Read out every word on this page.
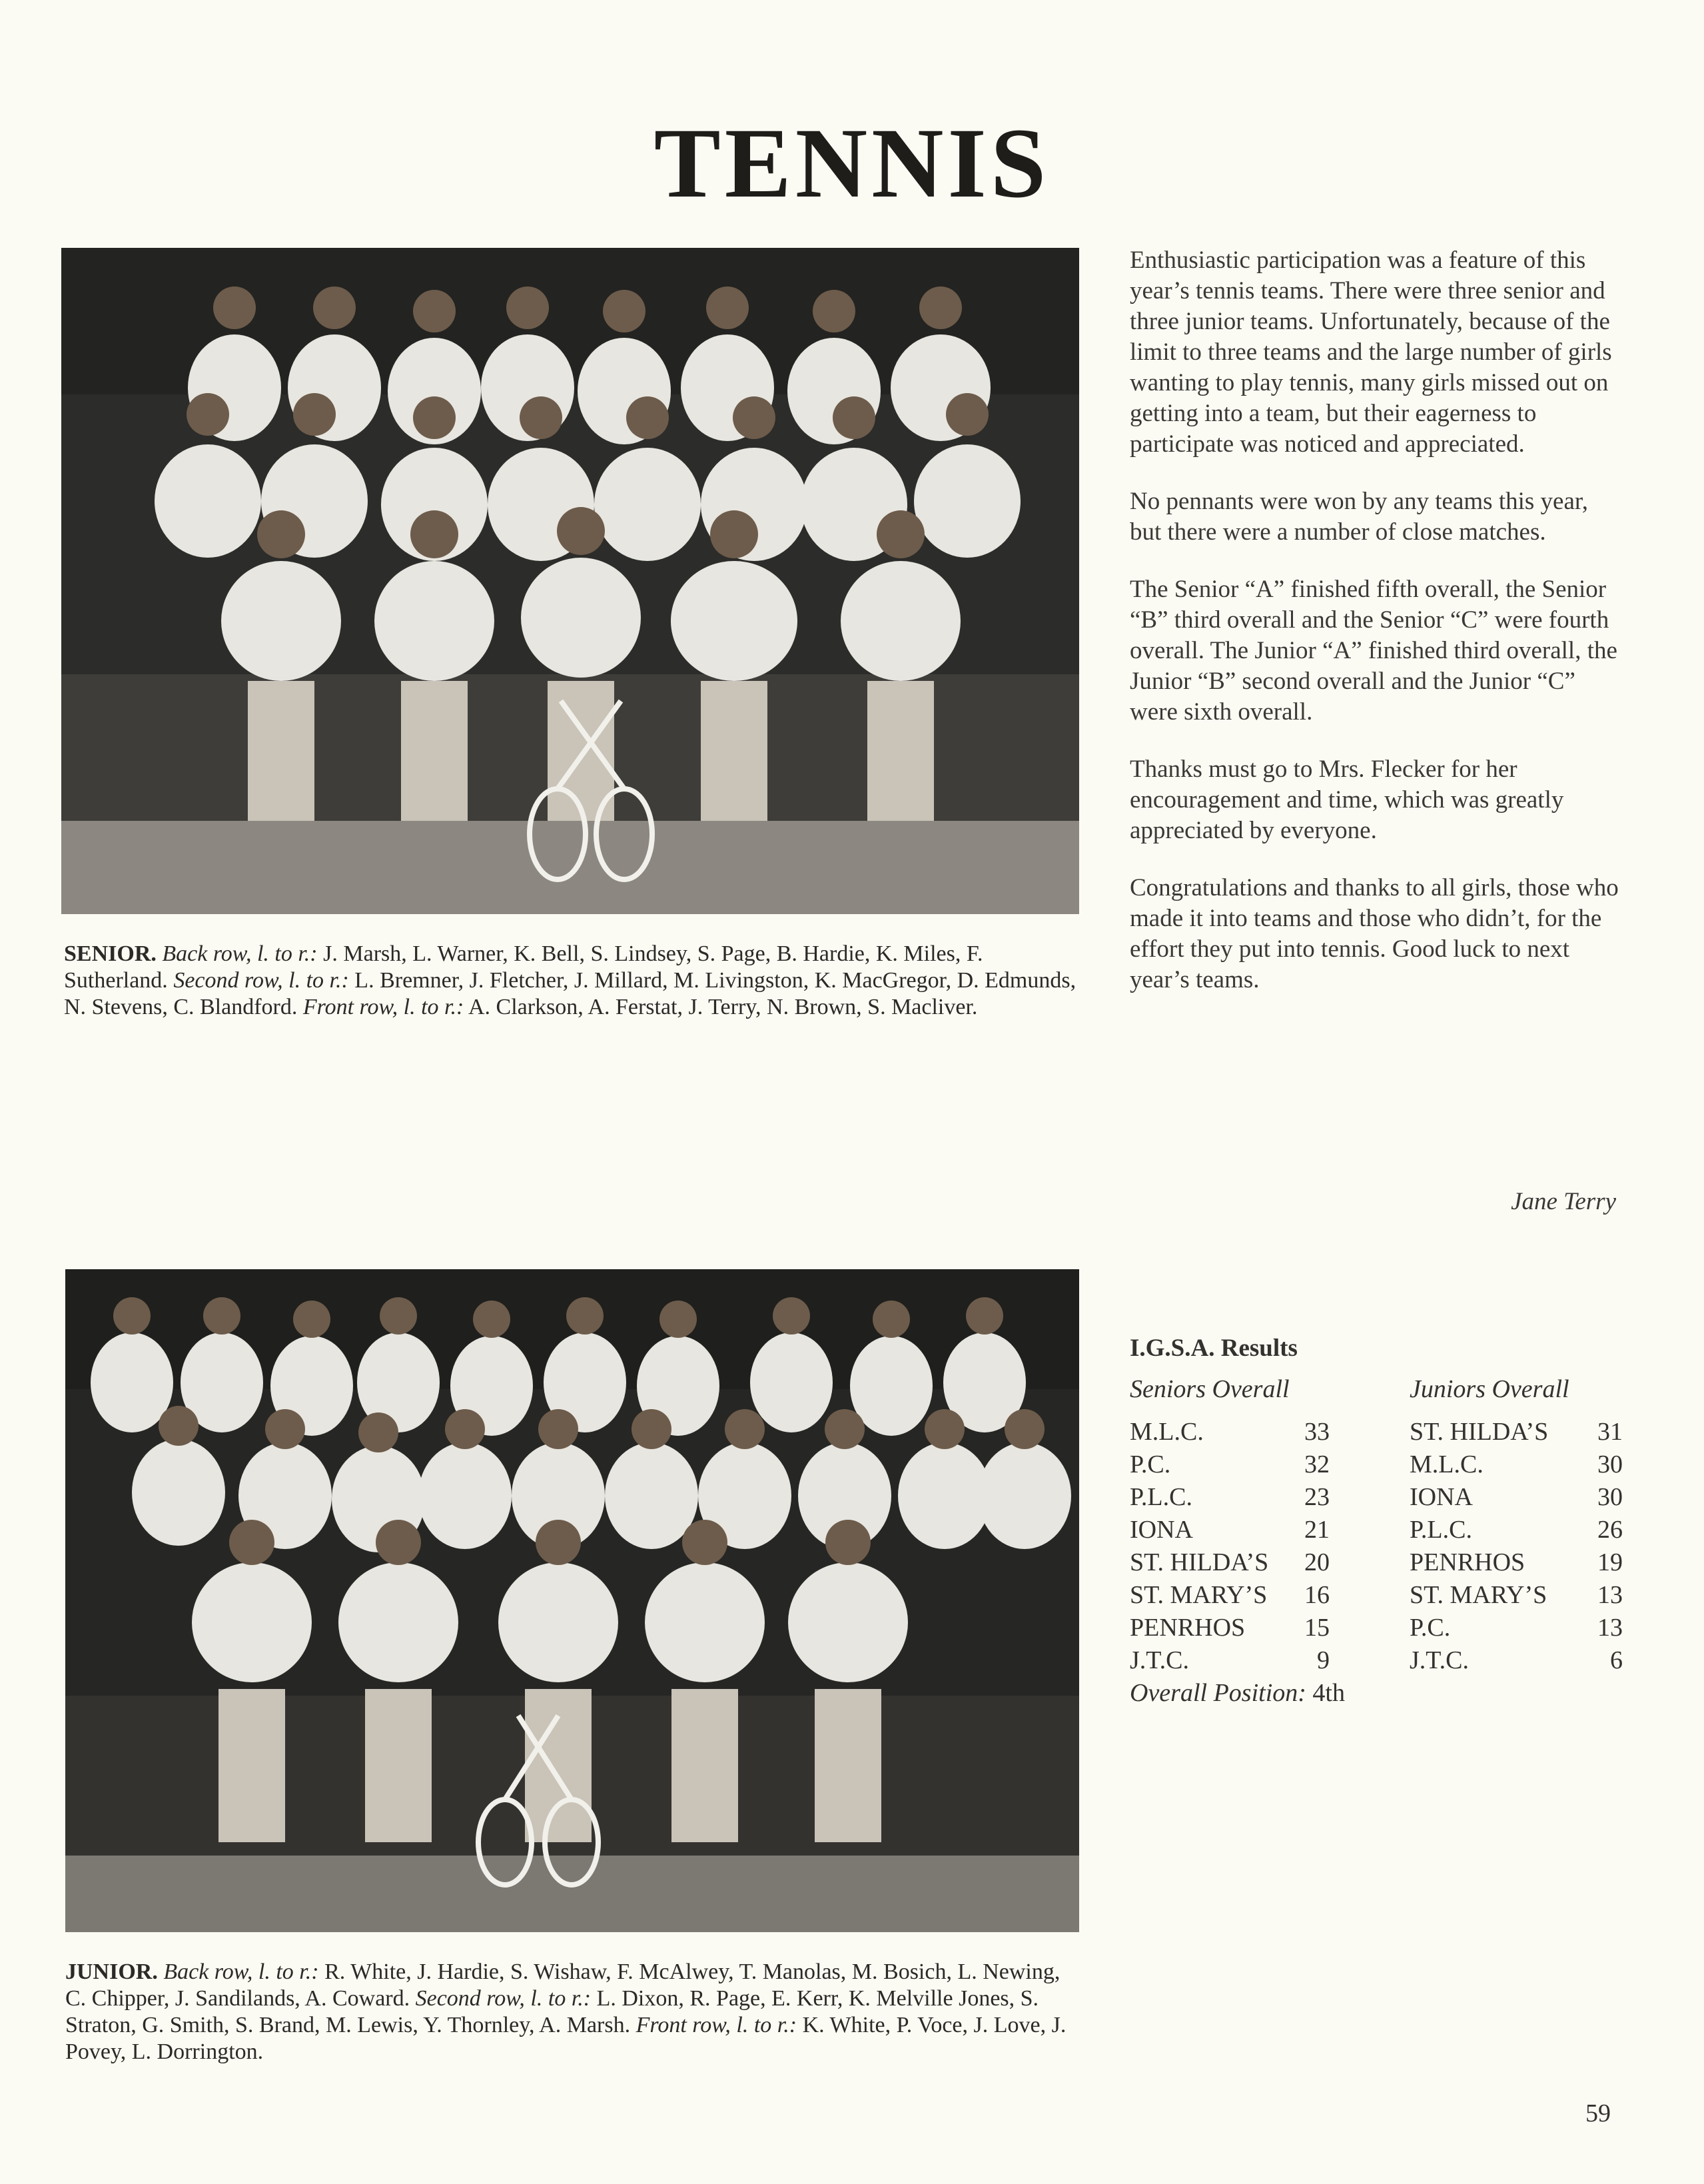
TENNIS
SENIOR. Back row, l. to r.: J. Marsh, L. Warner, K. Bell, S. Lindsey, S. Page, B. Hardie, K. Miles, F. Sutherland. Second row, l. to r.: L. Bremner, J. Fletcher, J. Millard, M. Livingston, K. MacGregor, D. Edmunds, N. Stevens, C. Blandford. Front row, l. to r.: A. Clarkson, A. Ferstat, J. Terry, N. Brown, S. Macliver.

Enthusiastic participation was a feature of this year’s tennis teams. There were three senior and three junior teams. Unfortunately, because of the limit to three teams and the large number of girls wanting to play tennis, many girls missed out on getting into a team, but their eagerness to participate was noticed and appreciated.

No pennants were won by any teams this year, but there were a number of close matches.

The Senior “A” finished fifth overall, the Senior “B” third overall and the Senior “C” were fourth overall. The Junior “A” finished third overall, the Junior “B” second overall and the Junior “C” were sixth overall.

Thanks must go to Mrs. Flecker for her encouragement and time, which was greatly appreciated by everyone.

Congratulations and thanks to all girls, those who made it into teams and those who didn’t, for the effort they put into tennis. Good luck to next year’s teams.

Jane Terry
JUNIOR. Back row, l. to r.: R. White, J. Hardie, S. Wishaw, F. McAlwey, T. Manolas, M. Bosich, L. Newing, C. Chipper, J. Sandilands, A. Coward. Second row, l. to r.: L. Dixon, R. Page, E. Kerr, K. Melville Jones, S. Straton, G. Smith, S. Brand, M. Lewis, Y. Thornley, A. Marsh. Front row, l. to r.: K. White, P. Voce, J. Love, J. Povey, L. Dorrington.
I.G.S.A. Results
Seniors Overall
M.L.C.	33
P.C.	32
P.L.C.	23
IONA	21
ST. HILDA’S 20
ST. MARY’S 16
PENRHOS 15
J.T.C.	9
Juniors Overall
ST. HILDA’S 31
M.L.C.	30
IONA	30
P.L.C.	26
PENRHOS	19
ST. MARY’S 13
P.C.	13
J.T.C.	6
Overall Position: 4th
59
